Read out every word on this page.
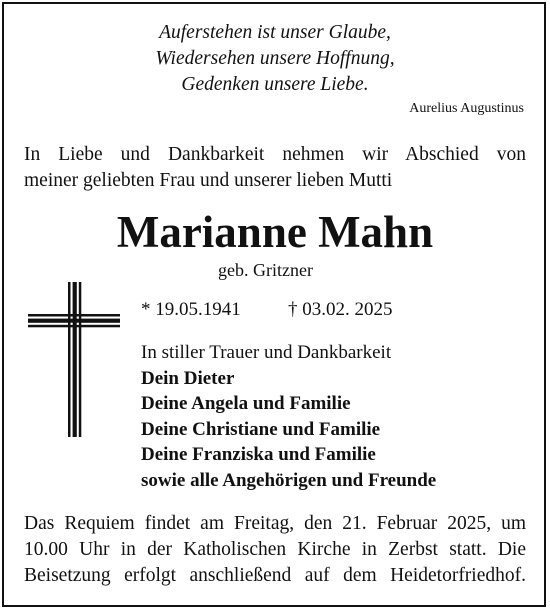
Auferstehen ist unser Glaube,
Wiedersehen unsere Hoffnung,
Gedenken unsere Liebe.
Aurelius Augustinus
In Liebe und Dankbarkeit nehmen wir Abschied von
meiner geliebten Frau und unserer lieben Mutti
Marianne Mahn
geb. Gritzner
* 19.05.1941 † 03.02. 2025
In stiller Trauer und Dankbarkeit
Dein Dieter
Deine Angela und Familie
Deine Christiane und Familie
Deine Franziska und Familie
sowie alle Angehörigen und Freunde
Das Requiem findet am Freitag, den 21. Februar 2025, um
10.00 Uhr in der Katholischen Kirche in Zerbst statt. Die
Beisetzung erfolgt anschließend auf dem Heidetorfriedhof.
